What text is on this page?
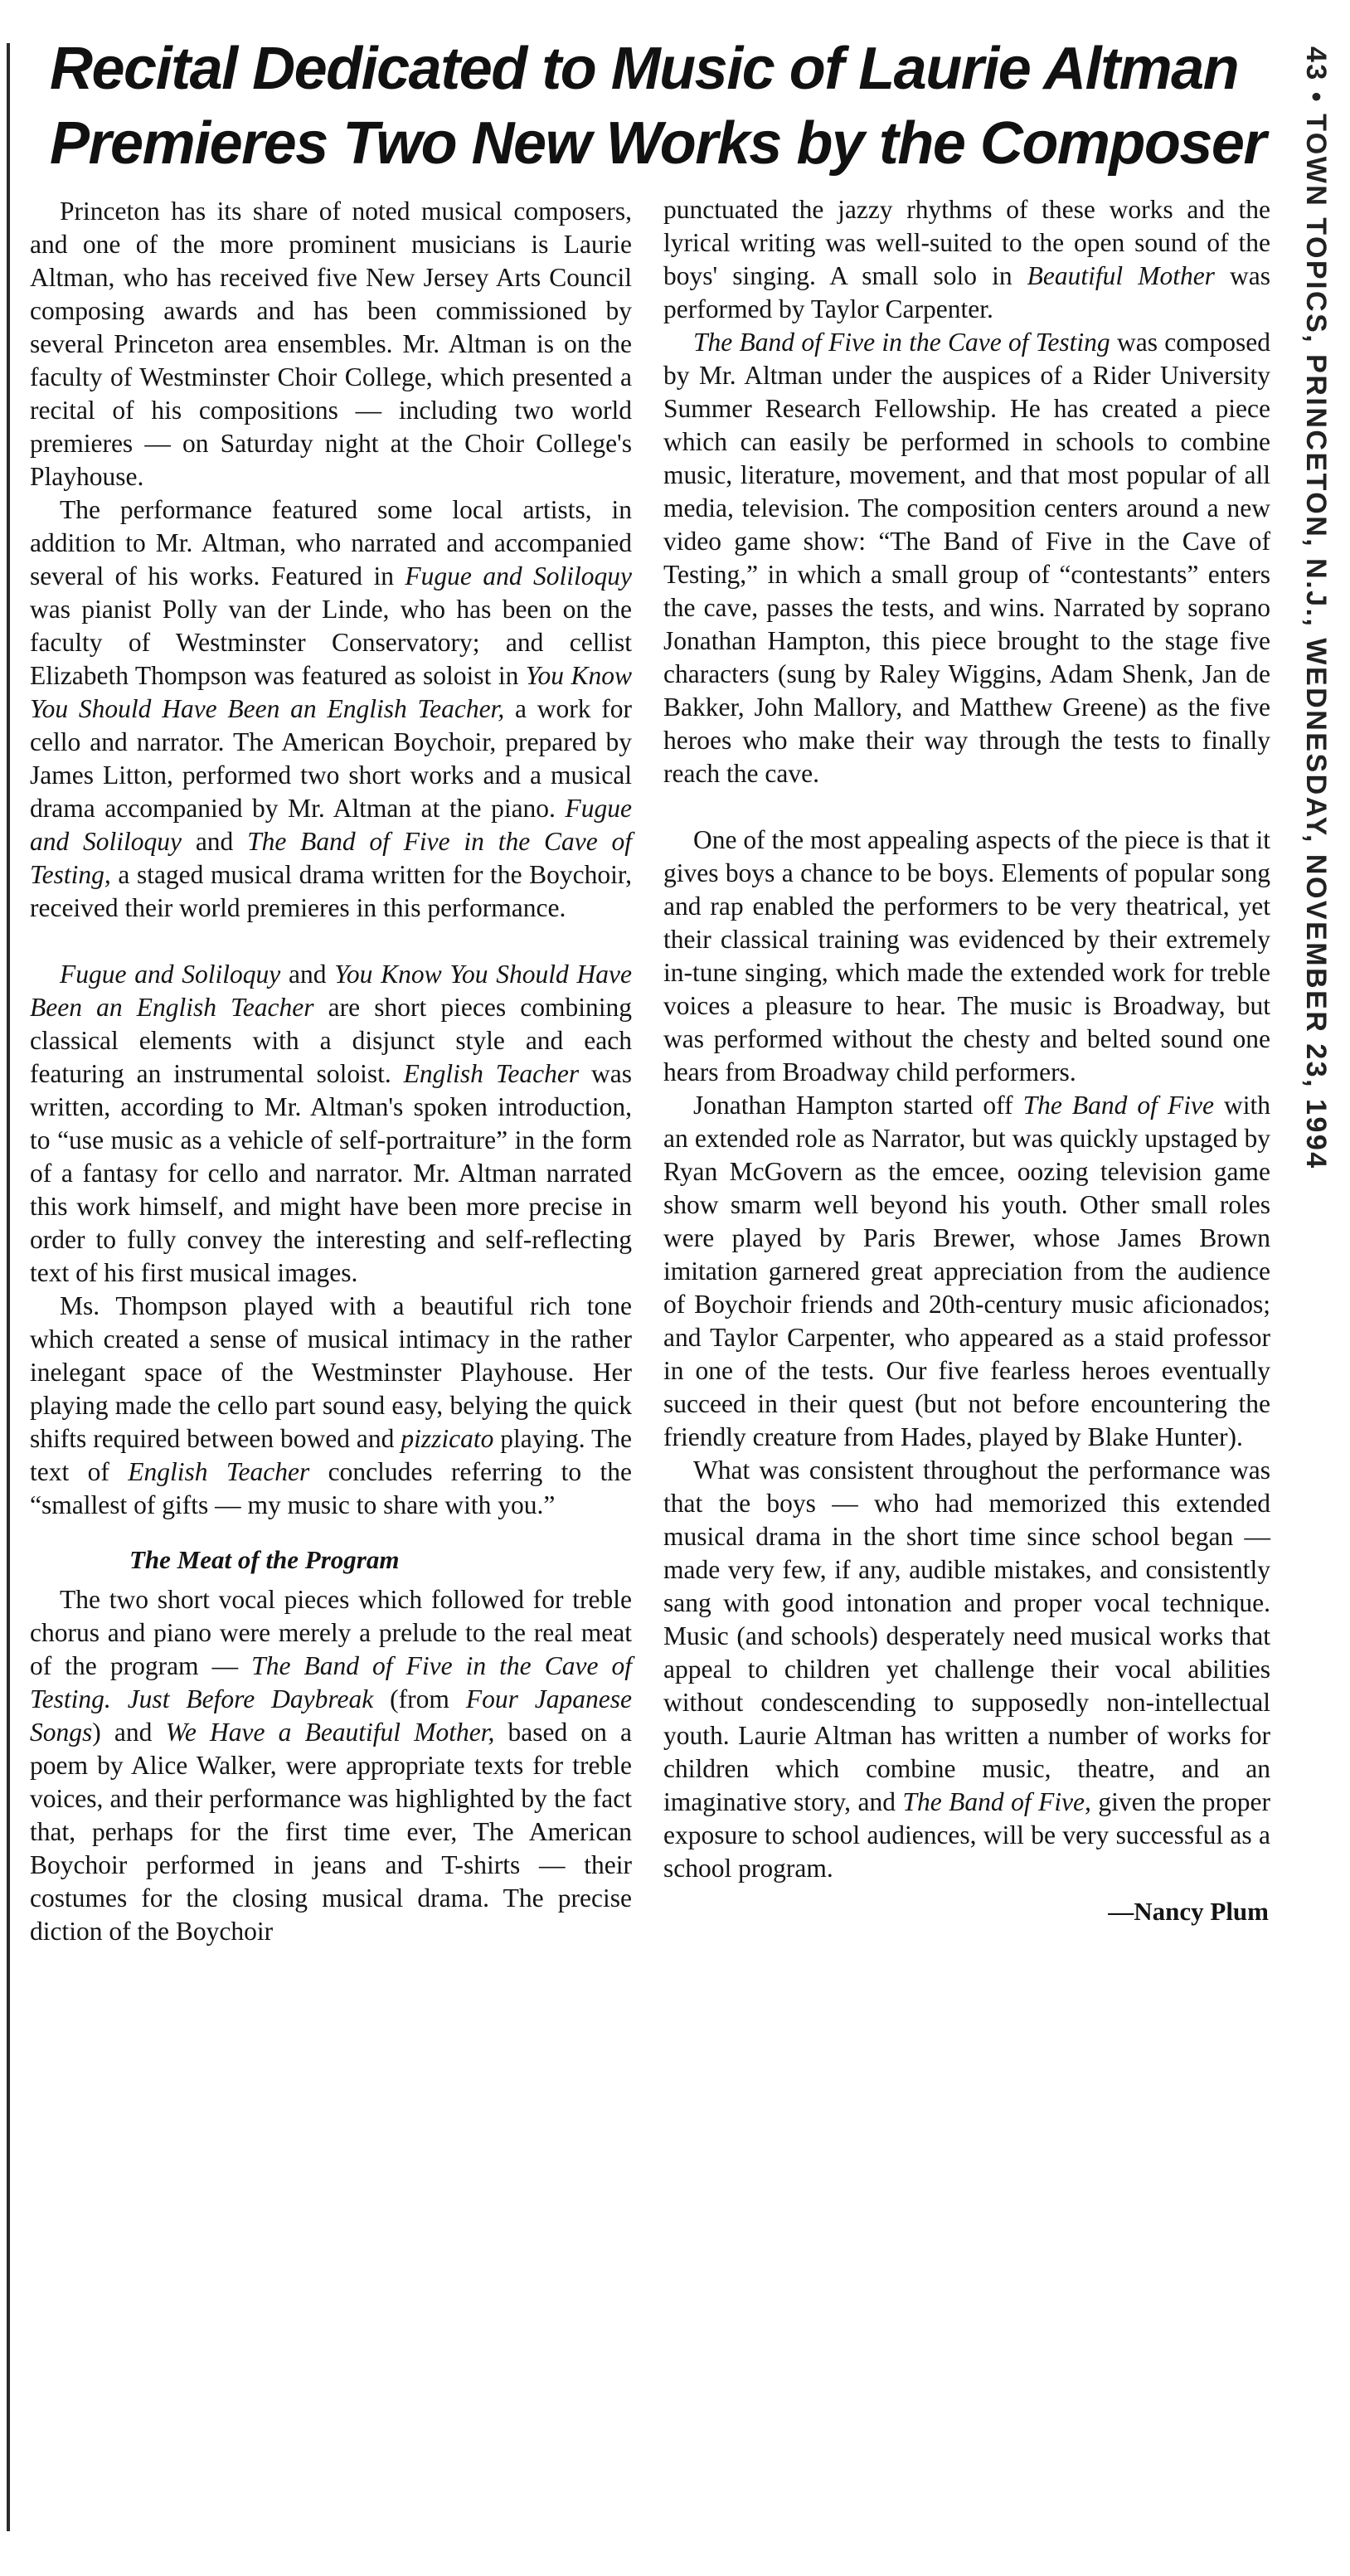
Recital Dedicated to Music of Laurie Altman
Premieres Two New Works by the Composer	43 • TOWN TOPICS, PRINCETON, N.J., WEDNESDAY, NOVEMBER 23, 1994

Princeton has its share of noted musical composers, and one of the more prominent musicians is Laurie Altman, who has received five New Jersey Arts Council composing awards and has been commissioned by several Princeton area ensembles. Mr. Altman is on the faculty of Westminster Choir College, which presented a recital of his compositions — including two world premieres — on Saturday night at the Choir College's Playhouse.

The performance featured some local artists, in addition to Mr. Altman, who narrated and accompanied several of his works. Featured in Fugue and Soliloquy was pianist Polly van der Linde, who has been on the faculty of Westminster Conservatory; and cellist Elizabeth Thompson was featured as soloist in You Know You Should Have Been an English Teacher, a work for cello and narrator. The American Boychoir, prepared by James Litton, performed two short works and a musical drama accompanied by Mr. Altman at the piano. Fugue and Soliloquy and The Band of Five in the Cave of Testing, a staged musical drama written for the Boychoir, received their world premieres in this performance.

Fugue and Soliloquy and You Know You Should Have Been an English Teacher are short pieces combining classical elements with a disjunct style and each featuring an instrumental soloist. English Teacher was written, according to Mr. Altman's spoken introduction, to “use music as a vehicle of self-portraiture” in the form of a fantasy for cello and narrator. Mr. Altman narrated this work himself, and might have been more precise in order to fully convey the interesting and self-reflecting text of his first musical images.

Ms. Thompson played with a beautiful rich tone which created a sense of musical intimacy in the rather inelegant space of the Westminster Playhouse. Her playing made the cello part sound easy, belying the quick shifts required between bowed and pizzicato playing. The text of English Teacher concludes referring to the “smallest of gifts — my music to share with you.”

The Meat of the Program

The two short vocal pieces which followed for treble chorus and piano were merely a prelude to the real meat of the program — The Band of Five in the Cave of Testing. Just Before Daybreak (from Four Japanese Songs) and We Have a Beautiful Mother, based on a poem by Alice Walker, were appropriate texts for treble voices, and their performance was highlighted by the fact that, perhaps for the first time ever, The American Boychoir performed in jeans and T-shirts — their costumes for the closing musical drama. The precise diction of the Boychoir

punctuated the jazzy rhythms of these works and the lyrical writing was well-suited to the open sound of the boys' singing. A small solo in Beautiful Mother was performed by Taylor Carpenter.

The Band of Five in the Cave of Testing was composed by Mr. Altman under the auspices of a Rider University Summer Research Fellowship. He has created a piece which can easily be performed in schools to combine music, literature, movement, and that most popular of all media, television. The composition centers around a new video game show: “The Band of Five in the Cave of Testing,” in which a small group of “contestants” enters the cave, passes the tests, and wins. Narrated by soprano Jonathan Hampton, this piece brought to the stage five characters (sung by Raley Wiggins, Adam Shenk, Jan de Bakker, John Mallory, and Matthew Greene) as the five heroes who make their way through the tests to finally reach the cave.

One of the most appealing aspects of the piece is that it gives boys a chance to be boys. Elements of popular song and rap enabled the performers to be very theatrical, yet their classical training was evidenced by their extremely in-tune singing, which made the extended work for treble voices a pleasure to hear. The music is Broadway, but was performed without the chesty and belted sound one hears from Broadway child performers.

Jonathan Hampton started off The Band of Five with an extended role as Narrator, but was quickly upstaged by Ryan McGovern as the emcee, oozing television game show smarm well beyond his youth. Other small roles were played by Paris Brewer, whose James Brown imitation garnered great appreciation from the audience of Boychoir friends and 20th-century music aficionados; and Taylor Carpenter, who appeared as a staid professor in one of the tests. Our five fearless heroes eventually succeed in their quest (but not before encountering the friendly creature from Hades, played by Blake Hunter).

What was consistent throughout the performance was that the boys — who had memorized this extended musical drama in the short time since school began — made very few, if any, audible mistakes, and consistently sang with good intonation and proper vocal technique. Music (and schools) desperately need musical works that appeal to children yet challenge their vocal abilities without condescending to supposedly non-intellectual youth. Laurie Altman has written a number of works for children which combine music, theatre, and an imaginative story, and The Band of Five, given the proper exposure to school audiences, will be very successful as a school program.

—Nancy Plum
